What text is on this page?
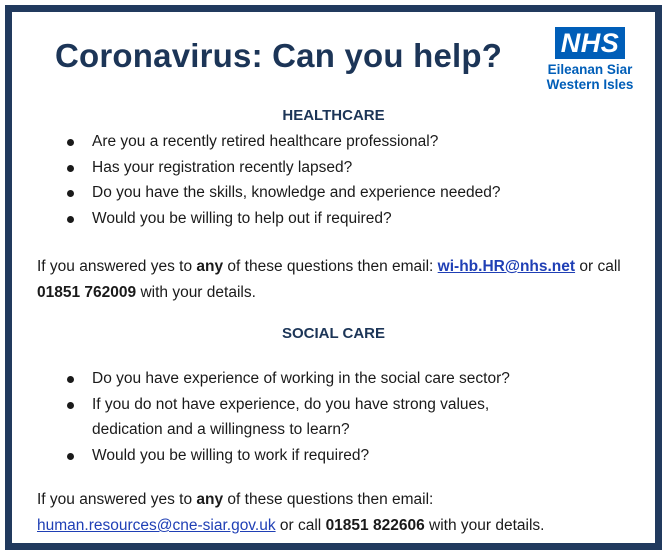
Coronavirus: Can you help?	NHS
Eileanan Siar
Western Isles
HEALTHCARE
Are you a recently retired healthcare professional?
Has your registration recently lapsed?
Do you have the skills, knowledge and experience needed?
Would you be willing to help out if required?
If you answered yes to any of these questions then email: wi-hb.HR@nhs.net or call 01851 762009 with your details.
SOCIAL CARE
Do you have experience of working in the social care sector?
If you do not have experience, do you have strong values, dedication and a willingness to learn?
Would you be willing to work if required?
If you answered yes to any of these questions then email:
human.resources@cne-siar.gov.uk or call 01851 822606 with your details.
